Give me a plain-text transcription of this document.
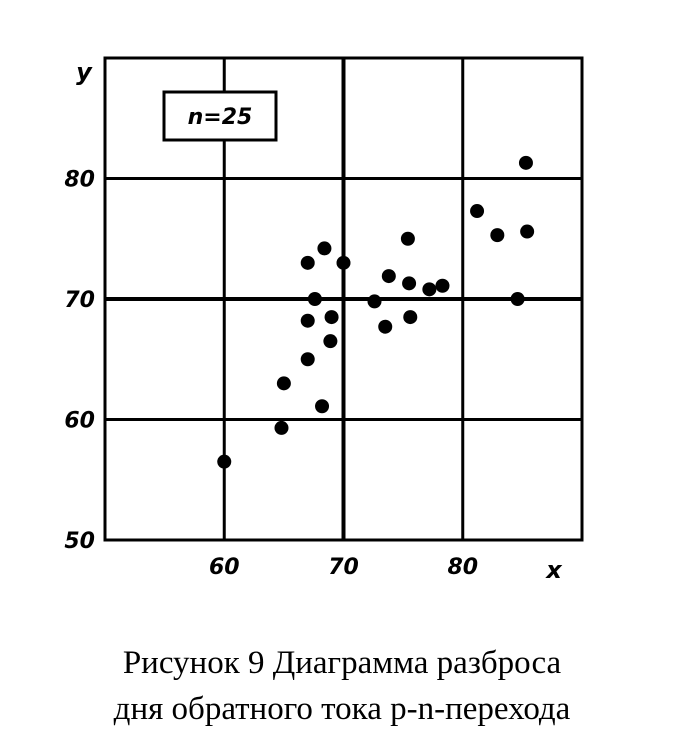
n=25
60	70	80
50
60
70
80
y
x
Рисунок 9 Диаграмма разброса
дня обратного тока p-n-перехода
